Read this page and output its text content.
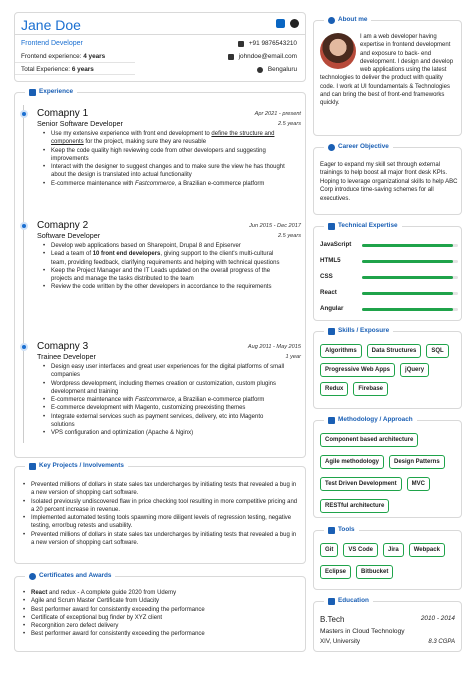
Jane Doe
Frontend Developer
Frontend experience: 4 years
Total Experience: 6 years
+91 9876543210
johndoe@email.com
Bengaluru
Experience
Comapny 1	Apr 2021 - present
Senior Software Developer	2.5 years
• Use my extensive experience with front end development to define the structure and components for the project, making sure they are reusable
• Keep the code quality high reviewing code from other developers and suggesting improvements
• Interact with the designer to suggest changes and to make sure the view he has thought about the design is translated into actual functionality
• E-commerce maintenance with Fastcommerce, a Brazilian e-commerce platform
Comapny 2	Jun 2015 - Dec 2017
Software Developer	2.5 years
• Develop web applications based on Sharepoint, Drupal 8 and Episerver
• Lead a team of 10 front end developers, giving support to the client's multi-cultural team, providing feedback, clarifying requirements and helping with technical questions
• Keep the Project Manager and the IT Leads updated on the overall progress of the projects and manage the tasks distributed to the team
• Review the code written by the other developers in accordance to the requirements
Comapny 3	Aug 2011 - May 2015
Trainee Developer	1 year
• Design easy user interfaces and great user experiences for the digital platforms of small companies
• Wordpress development, including themes creation or customization, custom plugins development and training
• E-commerce maintenance with Fastcommerce, a Brazilian e-commerce platform
• E-commerce development with Magento, customizing preexisting themes
• Integrate external services such as payment services, delivery, etc into Magento solutions
• VPS configuration and optimization (Apache & Nginx)
Key Projects / Involvements
• Prevented millions of dollars in state sales tax undercharges by initiating tests that revealed a bug in a new version of shopping cart software.
• Isolated previously undiscovered flaw in price checking tool resulting in more competitive pricing and a 20 percent increase in revenue.
• Implemented automated testing tools spawning more diligent levels of regression testing, negative testing, error/bug retests and usability.
• Prevented millions of dollars in state sales tax undercharges by initiating tests that revealed a bug in a new version of shopping cart software.
Certificates and Awards
• React and redux - A complete guide 2020 from Udemy
• Agile and Scrum Master Certificate from Udacity
• Best performer award for consistently exceeding the performance
• Certificate of exceptional bug finder by XYZ client
• Recorgnition zero defect delivery
• Best performer award for consistently exceeding the performance
About me
I am a web developer having expertise in frontend development and exposure to back- end development. I design and develop web applications using the latest technologies to deliver the product with quality code. I work at UI foundamentals & Technologies and can bring the best of front-end frameworks quickly.
Career Objective
Eager to expand my skill set through external trainings to help boost all major front desk KPIs. Hoping to leverage organizational skills to help ABC Corp introduce time-saving schemes for all executives.
Technical Expertise
JavaScript
HTML5
CSS
React
Angular
Skills / Exposure
Algorithms	Data Structures	SQL
Progressive Web Apps	jQuery
Redux	Firebase
Methodology / Approach
Component based architecture
Agile methodology	Design Patterns
Test Driven Development	MVC
RESTful architecture
Tools
Git	VS Code	Jira	Webpack
Eclipse	Bitbucket
Education
B.Tech	2010 - 2014
Masters in Cloud Technology
XIV, University	8.3 CGPA
